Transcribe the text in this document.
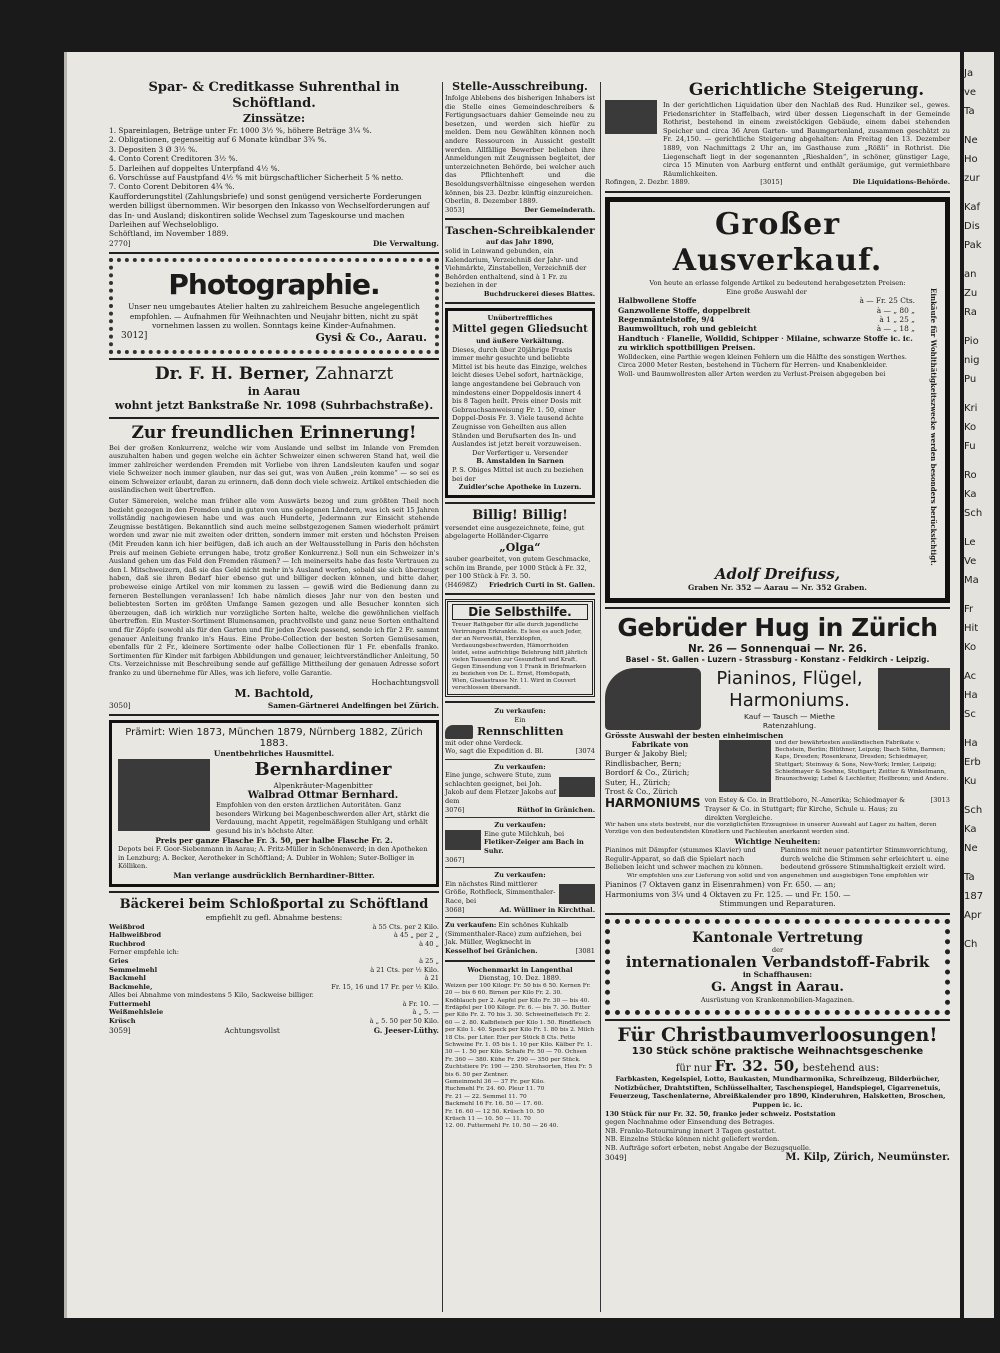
Spar- & Creditkasse Suhrenthal in Schöftland.
Zinssätze:
1. Spareinlagen, Beträge unter Fr. 1000 3½ %, höhere Beträge 3¼ %.
2. Obligationen, gegenseitig auf 6 Monate kündbar 3¾ %.
3. Depositen 3 Ø 3½ %.
4. Conto Corent Creditoren 3½ %.
5. Darleihen auf doppeltes Unterpfand 4½ %.
6. Vorschüsse auf Faustpfand 4½ % mit bürgschaftlicher Sicherheit 5 % netto.
7. Conto Corent Debitoren 4¾ %.
Kaufforderungstitel (Zahlungsbriefe) und sonst genügend versicherte Forderungen werden billigst übernommen. Wir besorgen den Inkasso von Wechselforderungen auf das In- und Ausland; diskontiren solide Wechsel zum Tageskourse und machen Darleihen auf Wechselobligo.
Schöftland, im November 1889.
2770]	Die Verwaltung.
Photographie.
Unser neu umgebautes Atelier halten zu zahlreichem Besuche angelegentlich empfohlen. — Aufnahmen für Weihnachten und Neujahr bitten, nicht zu spät vornehmen lassen zu wollen. Sonntags keine Kinder-Aufnahmen.
3012]	Gysi & Co., Aarau.
Dr. F. H. Berner, Zahnarzt
in Aarau
wohnt jetzt Bankstraße Nr. 1098 (Suhrbachstraße).
Zur freundlichen Erinnerung!
Bei der großen Konkurrenz, welche wir vom Auslande und selbst im Inlande von Fremden auszuhalten haben und gegen welche ein ächter Schweizer einen schweren Stand hat, weil die immer zahlreicher werdenden Fremden mit Vorliebe von ihren Landsleuten kaufen und sogar viele Schweizer noch immer glauben, nur das sei gut, was von Außen „rein komme“ — so sei es einem Schweizer erlaubt, daran zu erinnern, daß denn doch viele schweiz. Artikel entschieden die ausländischen weit übertreffen.
Guter Sämereien, welche man früher alle vom Auswärts bezog und zum größten Theil noch bezieht gezogen in den Fremden und in guten von uns gelegenen Ländern, was ich seit 15 Jahren vollständig nachgewiesen habe und was auch Hunderte, Jedermann zur Einsicht stehende Zeugnisse bestätigen. Bekanntlich sind auch meine selbstgezogenen Samen wiederholt prämirt worden und zwar nie mit zweiten oder dritten, sondern immer mit ersten und höchsten Preisen (Mit Freuden kann ich hier beifügen, daß ich auch an der Weltausstellung in Paris den höchsten Preis auf meinen Gebiete errungen habe, trotz großer Konkurrenz.) Soll nun ein Schweizer in's Ausland gehen um das Feld den Fremden räumen? — Ich meinerseits habe das feste Vertrauen zu den l. Mitschweizern, daß sie das Geld nicht mehr in's Ausland werfen, sobald sie sich überzeugt haben, daß sie ihren Bedarf hier ebenso gut und billiger decken können, und bitte daher, probeweise einige Artikel von mir kommen zu lassen — gewiß wird die Bedienung dann zu ferneren Bestellungen veranlassen! Ich habe nämlich dieses Jahr nur von den besten und beliebtesten Sorten im größten Umfange Samen gezogen und alle Besucher konnten sich überzeugen, daß ich wirklich nur vorzügliche Sorten halte, welche die gewöhnlichen vielfach übertreffen. Ein Muster-Sortiment Blumensamen, prachtvollste und ganz neue Sorten enthaltend und für Zöpfe (sowohl als für den Garten und für jeden Zweck passend, sende ich für 2 Fr. sammt genauer Anleitung franko in's Haus. Eine Probe-Collection der besten Sorten Gemüsesamen, ebenfalls für 2 Fr., kleinere Sortimente oder halbe Collectionen für 1 Fr. ebenfalls franko. Sortimenten für Kinder mit farbigen Abbildungen und genauer, leichtverständlicher Anleitung, 50 Cts. Verzeichnisse mit Beschreibung sende auf gefällige Mittheilung der genauen Adresse sofort franko zu und übernehme für Alles, was ich liefere, volle Garantie.
Hochachtungsvoll
M. Bachtold,
3050]	Samen-Gärtnerei Andelfingen bei Zürich.
Prämirt: Wien 1873, München 1879, Nürnberg 1882, Zürich 1883.
Unentbehrliches Hausmittel.
Bernhardiner
Alpenkräuter-Magenbitter
Walbrad Ottmar Bernhard.
Empfohlen von den ersten ärztlichen Autoritäten. Ganz besonders Wirkung bei Magenbeschwerden aller Art, stärkt die Verdauung, macht Appetit, regelmäßigen Stuhlgang und erhält gesund bis in's höchste Alter.
Preis per ganze Flasche Fr. 3. 50, per halbe Flasche Fr. 2.
Depots bei F. Goor-Siebenmann in Aarau; A. Fritz-Müller in Schönenwerd; in den Apotheken in Lenzburg; A. Becker, Aerotheker in Schöftland; A. Dubler in Wohlen; Suter-Bolliger in Kölliken.
Man verlange ausdrücklich Bernhardiner-Bitter.
Bäckerei beim Schloßportal zu Schöftland
empfiehlt zu gefl. Abnahme bestens:
Weißbrod	à 55 Cts. per 2 Kilo.
Halbweißbrod	à 45 „ per 2 „
Ruchbrod	à 40 „
Ferner empfehle ich:
Gries	à 25 „
Semmelmehl	à 21 Cts. per ½ Kilo.
Backmehl	à 21
Backmehle,	Fr. 15, 16 und 17 Fr. per ½ Kilo.
Alles bei Abnahme von mindestens 5 Kilo, Sackweise billiger.
Futtermehl	à Fr. 10. —
Weißmehlsleie	à „ 5. —
Krüsch	à „ 5. 50 per 50 Kilo.
3059]	Achtungsvollst	G. Jeeser-Lüthy.
Stelle-Ausschreibung.
Infolge Ablebens des bisherigen Inhabers ist die Stelle eines Gemeindeschreibers & Fertigungsactuars dahier Gemeinde neu zu besetzen, und werden sich hiefür zu melden. Dem neu Gewählten können noch andere Ressourcen in Aussicht gestellt werden. Allfällige Bewerber belieben ihre Anmeldungen mit Zeugnissen begleitet, der unterzeichneten Behörde, bei welcher auch das Pflichtenheft und die Besoldungsverhältnisse eingesehen werden können, bis 23. Dezbr. künftig einzureichen.
Oberlin, 8. Dezember 1889.
3053]	Der Gemeinderath.
Taschen-Schreibkalender
auf das Jahr 1890,
solid in Leinwand gebunden, ein Kalendarium, Verzeichniß der Jahr- und Viehmärkte, Zinstabellen, Verzeichniß der Behörden enthaltend, sind à 1 Fr. zu beziehen in der
Buchdruckerei dieses Blattes.
Unübertreffliches
Mittel gegen Gliedsucht
und äußere Verkältung.
Dieses, durch über 20jährige Praxis immer mehr gesuchte und beliebte Mittel ist bis heute das Einzige, welches leicht dieses Uebel sofort, hartnäckige, lange angestandene bei Gebrauch von mindestens einer Doppeldosis innert 4 bis 8 Tagen heilt. Preis einer Dosis mit Gebrauchsanweisung Fr. 1. 50, einer Doppel-Dosis Fr. 3. Viele tausend ächte Zeugnisse von Geheilten aus allen Ständen und Berufsarten des In- und Auslandes ist jetzt bereit vorzuweisen.
Der Verfertiger u. Versender
B. Amstalden in Sarnen
P. S. Obiges Mittel ist auch zu beziehen bei der
Zuidler'sche Apotheke in Luzern.
Billig! Billig!
versendet eine ausgezeichnete, feine, gut abgelagerte Holländer-Cigarre
„Olga“
sauber gearbeitet, von gutem Geschmacke, schön im Brande, per 1000 Stück à Fr. 32, per 100 Stück à Fr. 3. 50.
(H4698Z) Friedrich Curti in St. Gallen.
Die Selbsthilfe.
Treuer Rathgeber für alle durch jugendliche Verirrungen Erkrankte. Es lese es auch Jeder, der an Nervosität, Herzklopfen, Verdauungsbeschwerden, Hämorrhoiden leidet, seine aufrichtige Belehrung hilft jährlich vielen Tausenden zur Gesundheit und Kraft. Gegen Einsendung von 1 Frank in Briefmarken zu beziehen von Dr. L. Ernst, Homöopath, Wien, Giselastrasse Nr. 11. Wird in Couvert verschlossen übersandt.
Zu verkaufen:
Ein
Rennschlitten
mit oder ohne Verdeck.
Wo, sagt die Expedition d. Bl.	[3074
Zu verkaufen:
Eine junge, schwere Stute, zum schlachten geeignet, bei Joh. Jakob auf dem Fletzer Jakobs auf dem
3076]	Rüthof in Gränichen.
Zu verkaufen:
Eine gute Milchkuh, bei Fletiker-Zeiger am Bach in Suhr.
3067]
Zu verkaufen:
Ein nächstes Rind mittlerer Größe, Rothfleck, Simmenthaler-Race, bei
3068]	Ad. Wülliner in Kirchthal.
Zu verkaufen: Ein schönes Kuhkalb (Simmenthaler-Race) zum aufziehen, bei Jak. Müller, Wegknecht in
Kesselhof bei Gränichen.	[3081
Wochenmarkt in Langenthal
Dienstag, 10. Dez. 1889.
Weizen per 100 Kilogr. Fr. 50 bis 6 50. Kernen Fr. 20 — bis 6 60. Birnen per Kilo Fr. 2. 30. Knöblauch per 2. Aepfel per Kilo Fr. 30 — bis 40. Erdäpfel per 100 Kilogr. Fr. 6. — bis 7. 30. Butter per Kilo Fr. 2. 70 bis 3. 30. Schweinefleisch Fr. 2. 60 — 2. 80. Kalbfleisch per Kilo 1. 50. Rindfleisch per Kilo 1. 40. Speck per Kilo Fr. 1. 80 bis 2. Milch 18 Cts. per Liter. Eier per Stück 8 Cts. Fette Schweine Fr. 1. 05 bis 1. 10 per Kilo. Kälber Fr. 1. 30 — 1. 50 per Kilo. Schafe Fr. 50 — 70. Ochsen Fr. 360 — 380. Kühe Fr. 290 — 350 per Stück. Zuchtstiere Fr. 190 — 250. Strohsorten, Heu Fr. 5 bis 6. 50 per Zentner.
Gemeinmehl 36 — 37 Fr. per Kilo.
Ruchmehl Fr. 24. 60. Pleur 11. 70
Fr. 21 — 22. Semmel 11. 70
Backmehl 16 Fr. 16. 50 — 17. 60.
Fr. 16. 60 — 12 50. Krüsch 10. 50
Krüsch 11 — 10. 50 — 11. 70
12. 00. Futtermehl Fr. 10. 50 — 26 40.
Gerichtliche Steigerung.
In der gerichtlichen Liquidation über den Nachlaß des Rud. Hunziker sel., gewes. Friedensrichter in Staffelbach, wird über dessen Liegenschaft in der Gemeinde Rothrist, bestehend in einem zweistöckigen Gebäude, einem dabei stehenden Speicher und circa 36 Aren Garten- und Baumgartenland, zusammen geschätzt zu Fr. 24,150. — gerichtliche Steigerung abgehalten: Am Freitag den 13. Dezember 1889, von Nachmittags 2 Uhr an, im Gasthause zum „Rößli“ in Rothrist. Die Liegenschaft liegt in der sogenannten „Rieshalden“, in schöner, günstiger Lage, circa 15 Minuten von Aarburg entfernt und enthält geräumige, gut vermiethbare Räumlichkeiten.
Rofingen, 2. Dezbr. 1889.	[3015]	Die Liquidations-Behörde.
Großer Ausverkauf.
Von heute an erlasse folgende Artikel zu bedeutend herabgesetzten Preisen:
Eine große Auswahl der
Halbwollene Stoffe	à — Fr. 25 Cts.
Ganzwollene Stoffe, doppelbreit	à — „ 80 „
Regenmäntelstoffe, 9/4	à 1 „ 25 „
Baumwolltuch, roh und gebleicht	à — „ 18 „
Handtuch · Flanelle, Wolldid, Schipper · Milaine, schwarze Stoffe ic. ic. zu wirklich spottbilligen Preisen.
Wolldecken, eine Parthie wegen kleinen Fehlern um die Hälfte des sonstigen Werthes.
Circa 2000 Meter Resten, bestehend in Tüchern für Herren- und Knabenkleider.
Woll- und Baumwollresten aller Arten werden zu Verlust-Preisen abgegeben bei	Einkäufe für Wohlthätigkeitszwecke werden besonders berücksichtigt.
Adolf Dreifuss,
Graben Nr. 352 — Aarau — Nr. 352 Graben.
Gebrüder Hug in Zürich
Nr. 26 — Sonnenquai — Nr. 26.
Basel - St. Gallen - Luzern - Strassburg - Konstanz - Feldkirch - Leipzig.
Pianinos, Flügel,
Harmoniums.
Kauf — Tausch — Miethe
Ratenzahlung.
Grösste Auswahl der besten einheimischen
Fabrikate von
Burger & Jakoby Biel;
Rindlisbacher, Bern;
Bordorf & Co., Zürich;
Suter, H., Zürich;
Trost & Co., Zürich
und der bewährtesten ausländischen Fabrikate v. Bechstein, Berlin; Blüthner, Leipzig; Ibach Söhn, Barmen; Kaps, Dresden; Rosenkranz, Dresden; Schiedmayer, Stuttgart; Steinway & Sons, New-York; Irmler, Leipzig; Schiedmayer & Soehne, Stuttgart; Zeitter & Winkelmann, Braunschweig; Lebel & Lechleiter, Heilbronn; und Andere.
HARMONIUMS von Estey & Co. in Brattleboro, N.-Amerika; Schiedmayer & Trayser & Co. in Stuttgart; für Kirche, Schule u. Haus; zu direkten Vergleiche.
[3013
Wir haben uns stets bestrebt, nur die vorzüglichsten Erzeugnisse in unserer Auswahl auf Lager zu halten, deren Vorzüge von den bedeutendsten Künstlern und Fachleuten anerkannt worden sind.
Wichtige Neuheiten:
Pianinos mit Dämpfer (stummes Klavier) und Regulir-Apparat, so daß die Spielart nach Belieben leicht und schwer machen zu können.
Pianinos mit neuer patentirter Stimmvorrichtung, durch welche die Stimmen sehr erleichtert u. eine bedeutend grössere Stimmhaltigkeit erzielt wird.
Wir empfehlen uns zur Lieferung von solid und von angenehmen und ausgiebigen Tone empfohlen wir
Pianinos (7 Oktaven ganz in Eisenrahmen) von Fr. 650. — an;
Harmoniums von 3¼ und 4 Oktaven zu Fr. 125. — und Fr. 150. —
Stimmungen und Reparaturen.
Kantonale Vertretung
der
internationalen Verbandstoff-Fabrik
in Schaffhausen:
G. Angst in Aarau.
Ausrüstung von Krankenmobilien-Magazinen.
Für Christbaumverloosungen!
130 Stück schöne praktische Weihnachtsgeschenke
für nur Fr. 32. 50, bestehend aus:
Farbkasten, Kegelspiel, Lotto, Baukasten, Mundharmonika, Schreibzeug, Bilderbücher, Notizbücher, Drahtstiften, Schlüsselhalter, Taschenspiegel, Handspiegel, Cigarrenetuis, Feuerzeug, Taschenlaterne, Abreißkalender pro 1890, Kinderuhren, Halsketten, Broschen, Puppen ic. ic.
130 Stück für nur Fr. 32. 50, franko jeder schweiz. Poststation
gegen Nachnahme oder Einsendung des Betrages.
NB. Franko-Retournirung innert 3 Tagen gestattet.
NB. Einzelne Stücke können nicht geliefert werden.
NB. Aufträge sofort erbeten, nebst Angabe der Bezugsquelle.
3049]	M. Kilp, Zürich, Neumünster.
Ja
ve
Ta
Ne
Ho
zur
Kaf
Dis
Pak
an
Zu
Ra
Pio
nig
Pu
Kri
Ko
Fu
Ro
Ka
Sch
Le
Ve
Ma
Fr
Hit
Ko
Ac
Ha
Sc
Ha
Erb
Ku
Sch
Ka
Ne
Ta
187
Apr
Ch
